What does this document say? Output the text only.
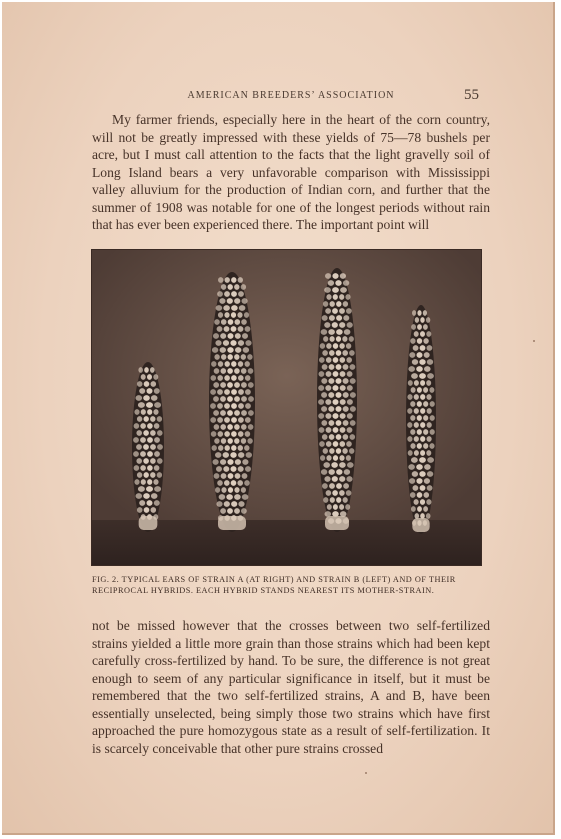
AMERICAN BREEDERS’ ASSOCIATION	55

My farmer friends, especially here in the heart of the corn country, will not be greatly impressed with these yields of 75—78 bushels per acre, but I must call attention to the facts that the light gravelly soil of Long Island bears a very unfavorable comparison with Mississippi valley alluvium for the production of Indian corn, and further that the summer of 1908 was notable for one of the longest periods without rain that has ever been experienced there. The important point will

FIG. 2. TYPICAL EARS OF STRAIN A (AT RIGHT) AND STRAIN B (LEFT) AND OF THEIR RECIPROCAL HYBRIDS. EACH HYBRID STANDS NEAREST ITS MOTHER-STRAIN.

not be missed however that the crosses between two self-fertilized strains yielded a little more grain than those strains which had been kept carefully cross-fertilized by hand. To be sure, the difference is not great enough to seem of any particular significance in itself, but it must be remembered that the two self-fertilized strains, A and B, have been essentially unselected, being simply those two strains which have first approached the pure homozygous state as a result of self-fertilization. It is scarcely conceivable that other pure strains crossed
